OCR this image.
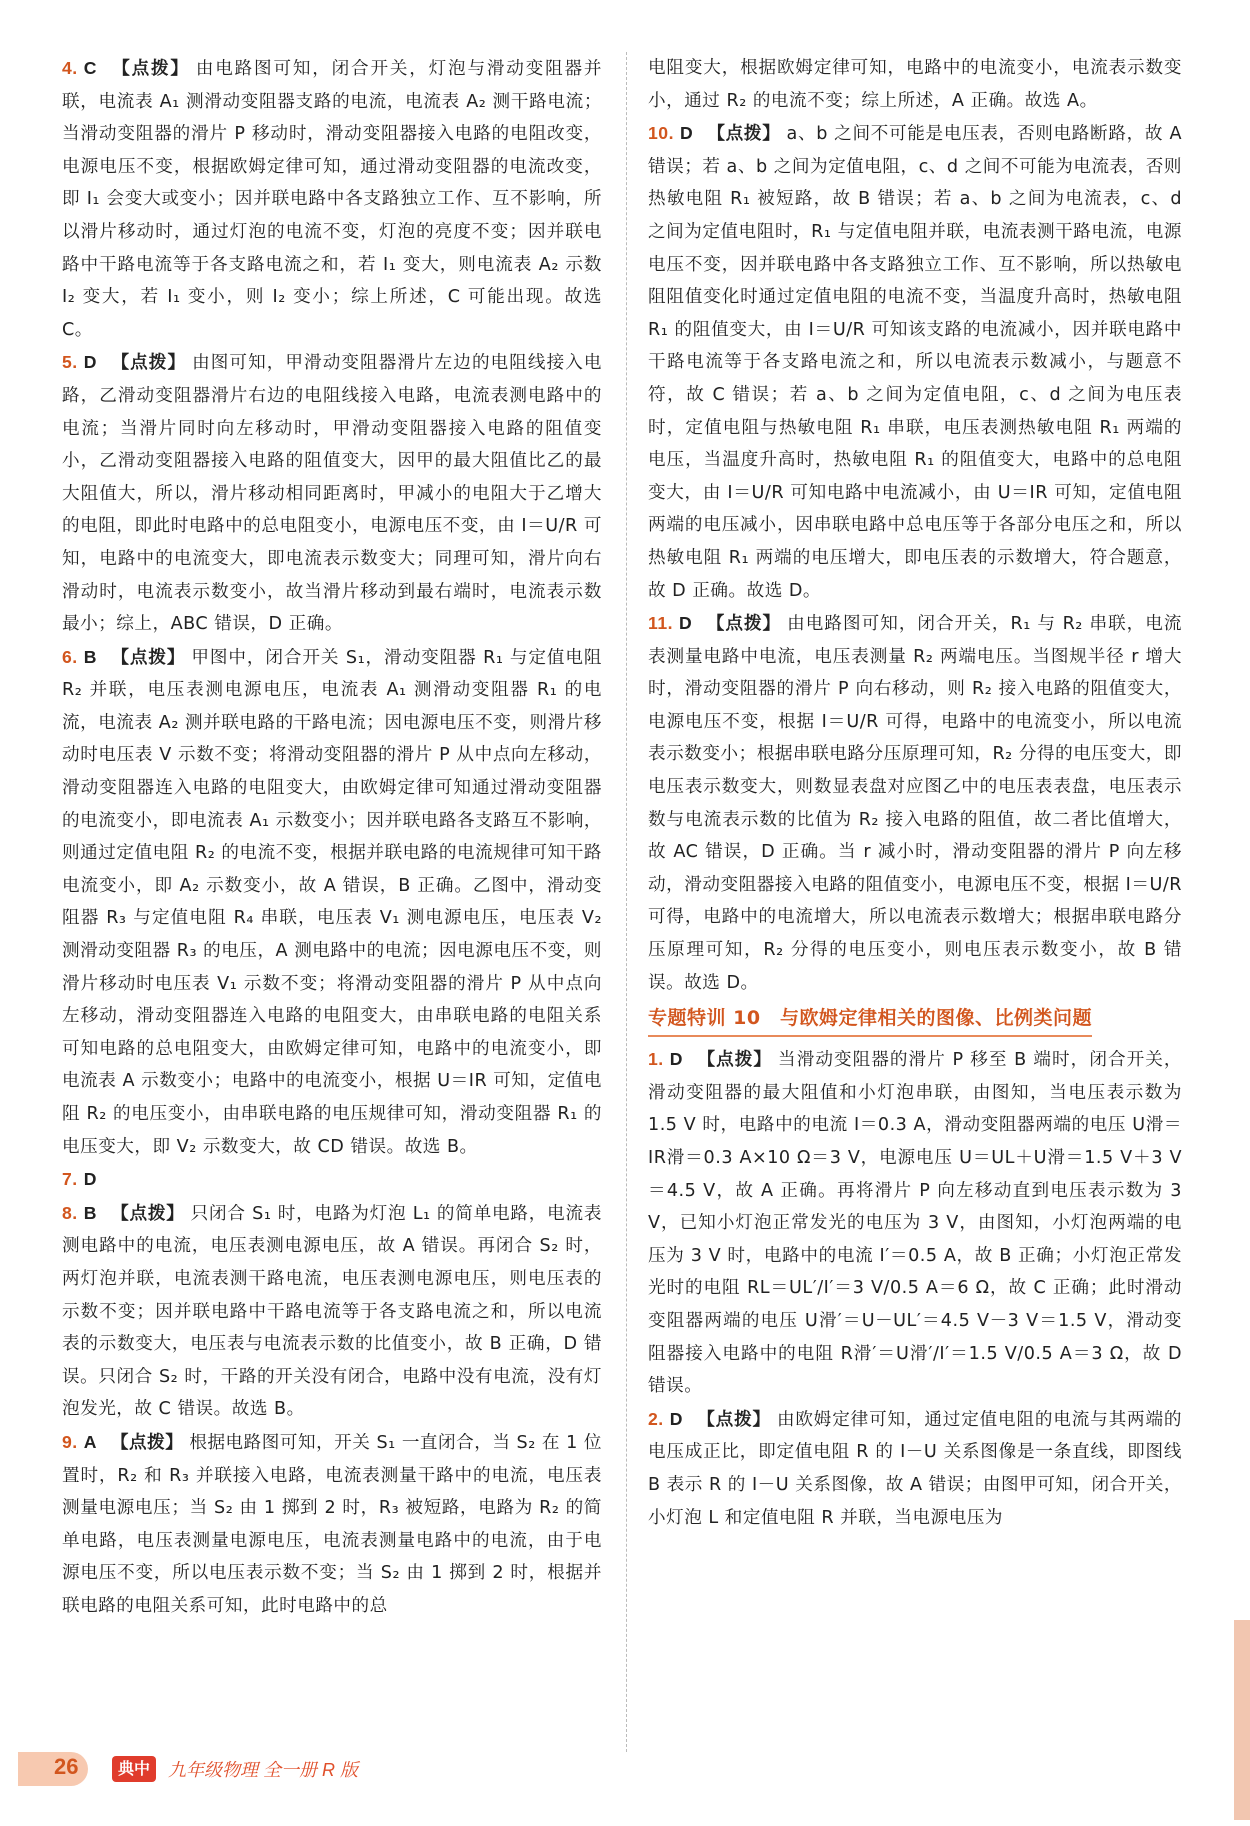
4. C 【点拨】 由电路图可知，闭合开关，灯泡与滑动变阻器并联，电流表 A₁ 测滑动变阻器支路的电流，电流表 A₂ 测干路电流；当滑动变阻器的滑片 P 移动时，滑动变阻器接入电路的电阻改变，电源电压不变，根据欧姆定律可知，通过滑动变阻器的电流改变，即 I₁ 会变大或变小；因并联电路中各支路独立工作、互不影响，所以滑片移动时，通过灯泡的电流不变，灯泡的亮度不变；因并联电路中干路电流等于各支路电流之和，若 I₁ 变大，则电流表 A₂ 示数 I₂ 变大，若 I₁ 变小，则 I₂ 变小；综上所述，C 可能出现。故选 C。

5. D 【点拨】 由图可知，甲滑动变阻器滑片左边的电阻线接入电路，乙滑动变阻器滑片右边的电阻线接入电路，电流表测电路中的电流；当滑片同时向左移动时，甲滑动变阻器接入电路的阻值变小，乙滑动变阻器接入电路的阻值变大，因甲的最大阻值比乙的最大阻值大，所以，滑片移动相同距离时，甲减小的电阻大于乙增大的电阻，即此时电路中的总电阻变小，电源电压不变，由 I＝U/R 可知，电路中的电流变大，即电流表示数变大；同理可知，滑片向右滑动时，电流表示数变小，故当滑片移动到最右端时，电流表示数最小；综上，ABC 错误，D 正确。

6. B 【点拨】 甲图中，闭合开关 S₁，滑动变阻器 R₁ 与定值电阻 R₂ 并联，电压表测电源电压，电流表 A₁ 测滑动变阻器 R₁ 的电流，电流表 A₂ 测并联电路的干路电流；因电源电压不变，则滑片移动时电压表 V 示数不变；将滑动变阻器的滑片 P 从中点向左移动，滑动变阻器连入电路的电阻变大，由欧姆定律可知通过滑动变阻器的电流变小，即电流表 A₁ 示数变小；因并联电路各支路互不影响，则通过定值电阻 R₂ 的电流不变，根据并联电路的电流规律可知干路电流变小，即 A₂ 示数变小，故 A 错误，B 正确。乙图中，滑动变阻器 R₃ 与定值电阻 R₄ 串联，电压表 V₁ 测电源电压，电压表 V₂ 测滑动变阻器 R₃ 的电压，A 测电路中的电流；因电源电压不变，则滑片移动时电压表 V₁ 示数不变；将滑动变阻器的滑片 P 从中点向左移动，滑动变阻器连入电路的电阻变大，由串联电路的电阻关系可知电路的总电阻变大，由欧姆定律可知，电路中的电流变小，即电流表 A 示数变小；电路中的电流变小，根据 U＝IR 可知，定值电阻 R₂ 的电压变小，由串联电路的电压规律可知，滑动变阻器 R₁ 的电压变大，即 V₂ 示数变大，故 CD 错误。故选 B。

7. D

8. B 【点拨】 只闭合 S₁ 时，电路为灯泡 L₁ 的简单电路，电流表测电路中的电流，电压表测电源电压，故 A 错误。再闭合 S₂ 时，两灯泡并联，电流表测干路电流，电压表测电源电压，则电压表的示数不变；因并联电路中干路电流等于各支路电流之和，所以电流表的示数变大，电压表与电流表示数的比值变小，故 B 正确，D 错误。只闭合 S₂ 时，干路的开关没有闭合，电路中没有电流，没有灯泡发光，故 C 错误。故选 B。

9. A 【点拨】 根据电路图可知，开关 S₁ 一直闭合，当 S₂ 在 1 位置时，R₂ 和 R₃ 并联接入电路，电流表测量干路中的电流，电压表测量电源电压；当 S₂ 由 1 掷到 2 时，R₃ 被短路，电路为 R₂ 的简单电路，电压表测量电源电压，电流表测量电路中的电流，由于电源电压不变，所以电压表示数不变；当 S₂ 由 1 掷到 2 时，根据并联电路的电阻关系可知，此时电路中的总

电阻变大，根据欧姆定律可知，电路中的电流变小，电流表示数变小，通过 R₂ 的电流不变；综上所述，A 正确。故选 A。

10. D 【点拨】 a、b 之间不可能是电压表，否则电路断路，故 A 错误；若 a、b 之间为定值电阻，c、d 之间不可能为电流表，否则热敏电阻 R₁ 被短路，故 B 错误；若 a、b 之间为电流表，c、d 之间为定值电阻时，R₁ 与定值电阻并联，电流表测干路电流，电源电压不变，因并联电路中各支路独立工作、互不影响，所以热敏电阻阻值变化时通过定值电阻的电流不变，当温度升高时，热敏电阻 R₁ 的阻值变大，由 I＝U/R 可知该支路的电流减小，因并联电路中干路电流等于各支路电流之和，所以电流表示数减小，与题意不符，故 C 错误；若 a、b 之间为定值电阻，c、d 之间为电压表时，定值电阻与热敏电阻 R₁ 串联，电压表测热敏电阻 R₁ 两端的电压，当温度升高时，热敏电阻 R₁ 的阻值变大，电路中的总电阻变大，由 I＝U/R 可知电路中电流减小，由 U＝IR 可知，定值电阻两端的电压减小，因串联电路中总电压等于各部分电压之和，所以热敏电阻 R₁ 两端的电压增大，即电压表的示数增大，符合题意，故 D 正确。故选 D。

11. D 【点拨】 由电路图可知，闭合开关，R₁ 与 R₂ 串联，电流表测量电路中电流，电压表测量 R₂ 两端电压。当图规半径 r 增大时，滑动变阻器的滑片 P 向右移动，则 R₂ 接入电路的阻值变大，电源电压不变，根据 I＝U/R 可得，电路中的电流变小，所以电流表示数变小；根据串联电路分压原理可知，R₂ 分得的电压变大，即电压表示数变大，则数显表盘对应图乙中的电压表表盘，电压表示数与电流表示数的比值为 R₂ 接入电路的阻值，故二者比值增大，故 AC 错误，D 正确。当 r 减小时，滑动变阻器的滑片 P 向左移动，滑动变阻器接入电路的阻值变小，电源电压不变，根据 I＝U/R 可得，电路中的电流增大，所以电流表示数增大；根据串联电路分压原理可知，R₂ 分得的电压变小，则电压表示数变小，故 B 错误。故选 D。

专题特训 10　与欧姆定律相关的图像、比例类问题

1. D 【点拨】 当滑动变阻器的滑片 P 移至 B 端时，闭合开关，滑动变阻器的最大阻值和小灯泡串联，由图知，当电压表示数为 1.5 V 时，电路中的电流 I＝0.3 A，滑动变阻器两端的电压 U滑＝IR滑＝0.3 A×10 Ω＝3 V，电源电压 U＝UL＋U滑＝1.5 V＋3 V＝4.5 V，故 A 正确。再将滑片 P 向左移动直到电压表示数为 3 V，已知小灯泡正常发光的电压为 3 V，由图知，小灯泡两端的电压为 3 V 时，电路中的电流 I′＝0.5 A，故 B 正确；小灯泡正常发光时的电阻 RL＝UL′/I′＝3 V/0.5 A＝6 Ω，故 C 正确；此时滑动变阻器两端的电压 U滑′＝U－UL′＝4.5 V－3 V＝1.5 V，滑动变阻器接入电路中的电阻 R滑′＝U滑′/I′＝1.5 V/0.5 A＝3 Ω，故 D 错误。

2. D 【点拨】 由欧姆定律可知，通过定值电阻的电流与其两端的电压成正比，即定值电阻 R 的 I－U 关系图像是一条直线，即图线 B 表示 R 的 I－U 关系图像，故 A 错误；由图甲可知，闭合开关，小灯泡 L 和定值电阻 R 并联，当电源电压为

26	典中	九年级物理 全一册 R 版
